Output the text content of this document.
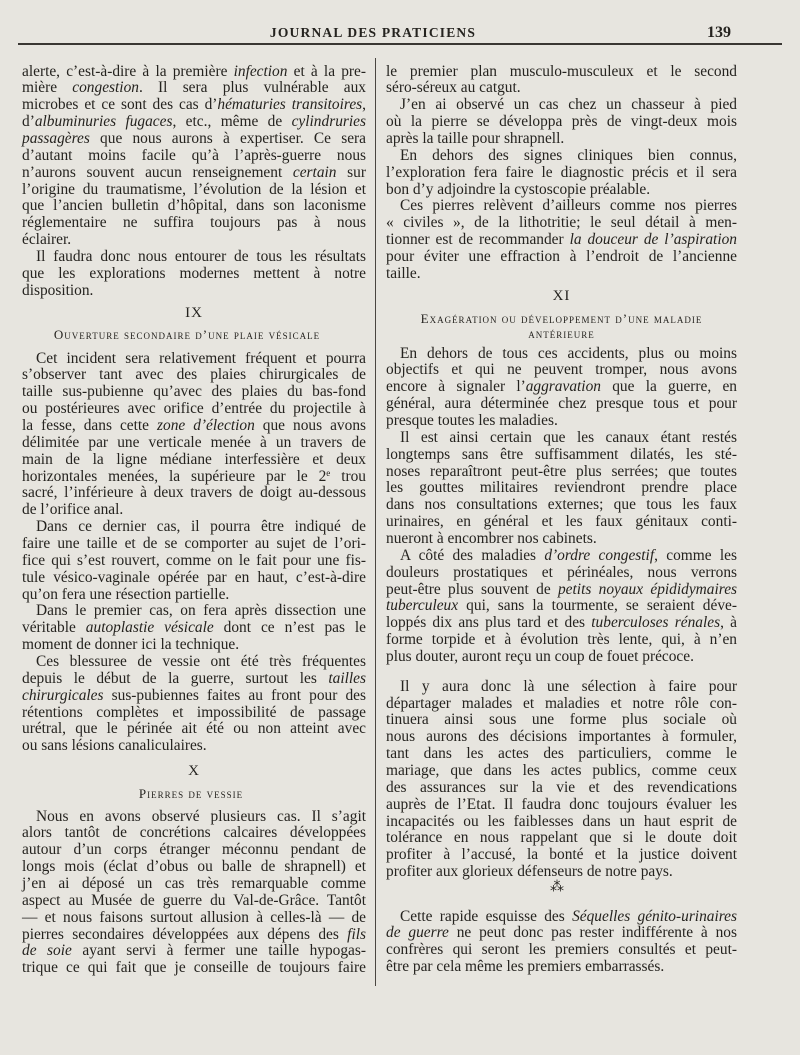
JOURNAL DES PRATICIENS	139
alerte, c’est-à-dire à la première infection et à la pre-
mière congestion. Il sera plus vulnérable aux
microbes et ce sont des cas d’hématuries transitoires,
d’albuminuries fugaces, etc., même de cylindruries
passagères que nous aurons à expertiser. Ce sera
d’autant moins facile qu’à l’après-guerre nous
n’aurons souvent aucun renseignement certain sur
l’origine du traumatisme, l’évolution de la lésion et
que l’ancien bulletin d’hôpital, dans son laconisme
réglementaire ne suffira toujours pas à nous
éclairer.
Il faudra donc nous entourer de tous les résultats
que les explorations modernes mettent à notre
disposition.
IX
Ouverture secondaire d’une plaie vésicale
Cet incident sera relativement fréquent et pourra
s’observer tant avec des plaies chirurgicales de
taille sus-pubienne qu’avec des plaies du bas-fond
ou postérieures avec orifice d’entrée du projectile à
la fesse, dans cette zone d’élection que nous avons
délimitée par une verticale menée à un travers de
main de la ligne médiane interfessière et deux
horizontales menées, la supérieure par le 2e trou
sacré, l’inférieure à deux travers de doigt au-dessous
de l’orifice anal.
Dans ce dernier cas, il pourra être indiqué de
faire une taille et de se comporter au sujet de l’ori-
fice qui s’est rouvert, comme on le fait pour une fis-
tule vésico-vaginale opérée par en haut, c’est-à-dire
qu’on fera une résection partielle.
Dans le premier cas, on fera après dissection une
véritable autoplastie vésicale dont ce n’est pas le
moment de donner ici la technique.
Ces blessuree de vessie ont été très fréquentes
depuis le début de la guerre, surtout les tailles
chirurgicales sus-pubiennes faites au front pour des
rétentions complètes et impossibilité de passage
urétral, que le périnée ait été ou non atteint avec
ou sans lésions canaliculaires.
X
Pierres de vessie
Nous en avons observé plusieurs cas. Il s’agit
alors tantôt de concrétions calcaires développées
autour d’un corps étranger méconnu pendant de
longs mois (éclat d’obus ou balle de shrapnell) et
j’en ai déposé un cas très remarquable comme
aspect au Musée de guerre du Val-de-Grâce. Tantôt
— et nous faisons surtout allusion à celles-là — de
pierres secondaires développées aux dépens des fils
de soie ayant servi à fermer une taille hypogas-
trique ce qui fait que je conseille de toujours faire
le premier plan musculo-musculeux et le second
séro-séreux au catgut.
J’en ai observé un cas chez un chasseur à pied
où la pierre se développa près de vingt-deux mois
après la taille pour shrapnell.
En dehors des signes cliniques bien connus,
l’exploration fera faire le diagnostic précis et il sera
bon d’y adjoindre la cystoscopie préalable.
Ces pierres relèvent d’ailleurs comme nos pierres
« civiles », de la lithotritie; le seul détail à men-
tionner est de recommander la douceur de l’aspiration
pour éviter une effraction à l’endroit de l’ancienne
taille.
XI
Exagération ou développement d’une maladie
antérieure
En dehors de tous ces accidents, plus ou moins
objectifs et qui ne peuvent tromper, nous avons
encore à signaler l’aggravation que la guerre, en
général, aura déterminée chez presque tous et pour
presque toutes les maladies.
Il est ainsi certain que les canaux étant restés
longtemps sans être suffisamment dilatés, les sté-
noses reparaîtront peut-être plus serrées; que toutes
les gouttes militaires reviendront prendre place
dans nos consultations externes; que tous les faux
urinaires, en général et les faux génitaux conti-
nueront à encombrer nos cabinets.
A côté des maladies d’ordre congestif, comme les
douleurs prostatiques et périnéales, nous verrons
peut-être plus souvent de petits noyaux épididymaires
tuberculeux qui, sans la tourmente, se seraient déve-
loppés dix ans plus tard et des tuberculoses rénales, à
forme torpide et à évolution très lente, qui, à n’en
plus douter, auront reçu un coup de fouet précoce.
Il y aura donc là une sélection à faire pour
départager malades et maladies et notre rôle con-
tinuera ainsi sous une forme plus sociale où
nous aurons des décisions importantes à formuler,
tant dans les actes des particuliers, comme le
mariage, que dans les actes publics, comme ceux
des assurances sur la vie et des revendications
auprès de l’Etat. Il faudra donc toujours évaluer les
incapacités ou les faiblesses dans un haut esprit de
tolérance en nous rappelant que si le doute doit
profiter à l’accusé, la bonté et la justice doivent
profiter aux glorieux défenseurs de notre pays.
⁂
Cette rapide esquisse des Séquelles génito-urinaires
de guerre ne peut donc pas rester indifférente à nos
confrères qui seront les premiers consultés et peut-
être par cela même les premiers embarrassés.
